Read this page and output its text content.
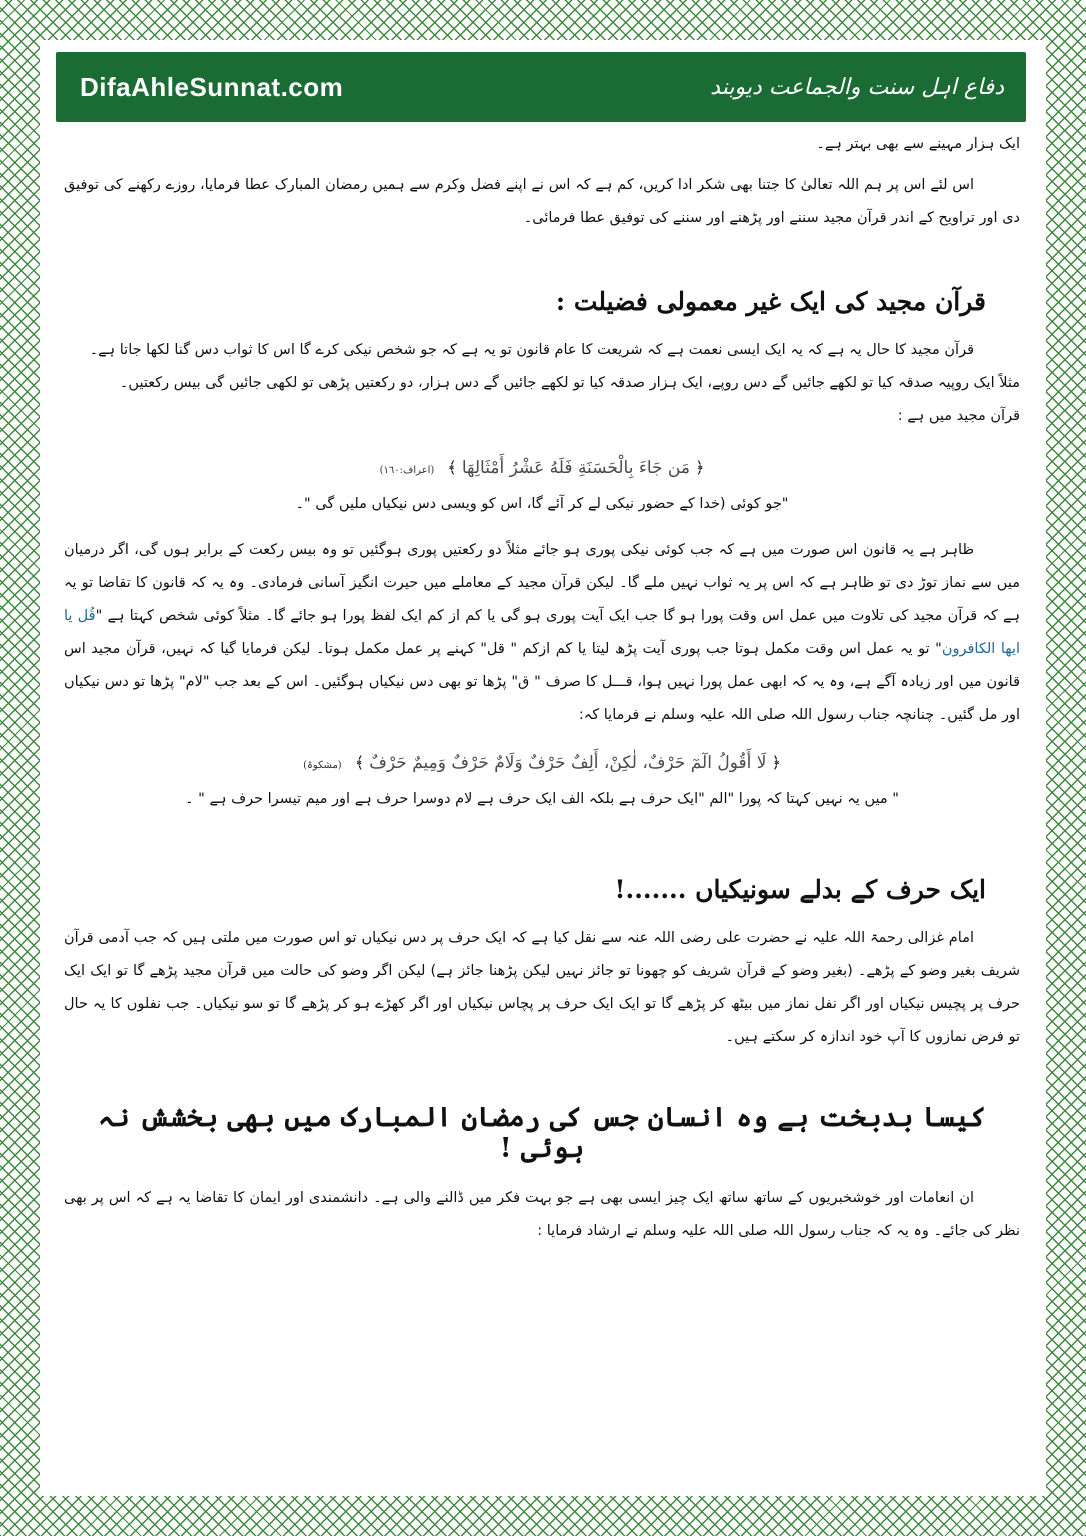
DifaAhleSunnat.com	دفاع اہل سنت والجماعت دیوبند

ایک ہزار مہینے سے بھی بہتر ہے۔

اس لئے اس پر ہم اللہ تعالیٰ کا جتنا بھی شکر ادا کریں، کم ہے کہ اس نے اپنے فضل وکرم سے ہمیں رمضان المبارک عطا فرمایا، روزے رکھنے کی توفیق دی اور تراویح کے اندر قرآن مجید سننے اور پڑھنے اور سننے کی توفیق عطا فرمائی۔

قرآن مجید کی ایک غیر معمولی فضیلت :

قرآن مجید کا حال یہ ہے کہ یہ ایک ایسی نعمت ہے کہ شریعت کا عام قانون تو یہ ہے کہ جو شخص نیکی کرے گا اس کا ثواب دس گنا لکھا جاتا ہے۔

مثلاً ایک روپیہ صدقہ کیا تو لکھے جائیں گے دس روپے، ایک ہزار صدقہ کیا تو لکھے جائیں گے دس ہزار، دو رکعتیں پڑھی تو لکھی جائیں گی بیس رکعتیں۔

قرآن مجید میں ہے :

﴿ مَن جَاءَ بِالْحَسَنَةِ فَلَهُ عَشْرُ أَمْثَالِهَا ﴾ (اعراف:١٦٠)

"جو کوئی (خدا کے حضور نیکی لے کر آئے گا، اس کو ویسی دس نیکیاں ملیں گی "۔

ظاہر ہے یہ قانون اس صورت میں ہے کہ جب کوئی نیکی پوری ہو جائے مثلاً دو رکعتیں پوری ہوگئیں تو وہ بیس رکعت کے برابر ہوں گی، اگر درمیان میں سے نماز توڑ دی تو ظاہر ہے کہ اس پر یہ ثواب نہیں ملے گا۔ لیکن قرآن مجید کے معاملے میں حیرت انگیز آسانی فرمادی۔ وہ یہ کہ قانون کا تقاضا تو یہ ہے کہ قرآن مجید کی تلاوت میں عمل اس وقت پورا ہو گا جب ایک آیت پوری ہو گی یا کم از کم ایک لفظ پورا ہو جائے گا۔ مثلاً کوئی شخص کہتا ہے "قُل یا ایھا الکافرون" تو یہ عمل اس وقت مکمل ہوتا جب پوری آیت پڑھ لیتا یا کم ازکم " قل" کہنے پر عمل مکمل ہوتا۔ لیکن فرمایا گیا کہ نہیں، قرآن مجید اس قانون میں اور زیادہ آگے ہے، وہ یہ کہ ابھی عمل پورا نہیں ہوا، قـــل کا صرف " ق" پڑھا تو بھی دس نیکیاں ہوگئیں۔ اس کے بعد جب "لام" پڑھا تو دس نیکیاں اور مل گئیں۔ چنانچہ جناب رسول اللہ صلی اللہ علیہ وسلم نے فرمایا کہ:

﴿ لَا أَقُولُ الٓمٓ حَرْفٌ، لٰكِنْ، أَلِفٌ حَرْفٌ وَلَامٌ حَرْفٌ وَمِيمٌ حَرْفٌ ﴾ (مشکوۃ)

" میں یہ نہیں کہتا کہ پورا "الم "ایک حرف ہے بلکہ الف ایک حرف ہے لام دوسرا حرف ہے اور میم تیسرا حرف ہے " ۔

ایک حرف کے بدلے سونیکیاں .......!

امام غزالی رحمۃ اللہ علیہ نے حضرت علی رضی اللہ عنہ سے نقل کیا ہے کہ ایک حرف پر دس نیکیاں تو اس صورت میں ملتی ہیں کہ جب آدمی قرآن شریف بغیر وضو کے پڑھے۔ (بغیر وضو کے قرآن شریف کو چھونا تو جائز نہیں لیکن پڑھنا جائز ہے) لیکن اگر وضو کی حالت میں قرآن مجید پڑھے گا تو ایک ایک حرف پر پچیس نیکیاں اور اگر نفل نماز میں بیٹھ کر پڑھے گا تو ایک ایک حرف پر پچاس نیکیاں اور اگر کھڑے ہو کر پڑھے گا تو سو نیکیاں۔ جب نفلوں کا یہ حال تو فرض نمازوں کا آپ خود اندازہ کر سکتے ہیں۔

کیسا بدبخت ہے وہ انسان جس کی رمضان المبارک میں بھی بخشش نہ ہوئی !

ان انعامات اور خوشخبریوں کے ساتھ ساتھ ایک چیز ایسی بھی ہے جو بہت فکر میں ڈالنے والی ہے۔ دانشمندی اور ایمان کا تقاضا یہ ہے کہ اس پر بھی نظر کی جائے۔ وہ یہ کہ جناب رسول اللہ صلی اللہ علیہ وسلم نے ارشاد فرمایا :
